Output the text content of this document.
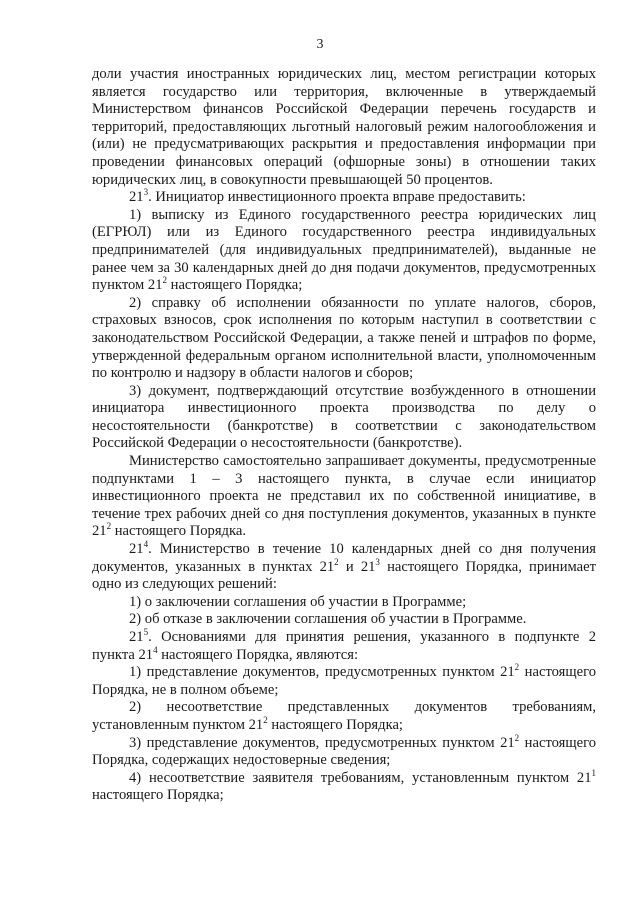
3

доли участия иностранных юридических лиц, местом регистрации которых является государство или территория, включенные в утверждаемый Министерством финансов Российской Федерации перечень государств и территорий, предоставляющих льготный налоговый режим налогообложения и (или) не предусматривающих раскрытия и предоставления информации при проведении финансовых операций (офшорные зоны) в отношении таких юридических лиц, в совокупности превышающей 50 процентов.

$21^3$. Инициатор инвестиционного проекта вправе предоставить:

1) выписку из Единого государственного реестра юридических лиц (ЕГРЮЛ) или из Единого государственного реестра индивидуальных предпринимателей (для индивидуальных предпринимателей), выданные не ранее чем за 30 календарных дней до дня подачи документов, предусмотренных пунктом $21^2$ настоящего Порядка;

2) справку об исполнении обязанности по уплате налогов, сборов, страховых взносов, срок исполнения по которым наступил в соответствии с законодательством Российской Федерации, а также пеней и штрафов по форме, утвержденной федеральным органом исполнительной власти, уполномоченным по контролю и надзору в области налогов и сборов;

3) документ, подтверждающий отсутствие возбужденного в отношении инициатора инвестиционного проекта производства по делу о несостоятельности (банкротстве) в соответствии с законодательством Российской Федерации о несостоятельности (банкротстве).

Министерство самостоятельно запрашивает документы, предусмотренные подпунктами 1 – 3 настоящего пункта, в случае если инициатор инвестиционного проекта не представил их по собственной инициативе, в течение трех рабочих дней со дня поступления документов, указанных в пункте $21^2$ настоящего Порядка.

$21^4$. Министерство в течение 10 календарных дней со дня получения документов, указанных в пунктах $21^2$ и $21^3$ настоящего Порядка, принимает одно из следующих решений:

1) о заключении соглашения об участии в Программе;

2) об отказе в заключении соглашения об участии в Программе.

$21^5$. Основаниями для принятия решения, указанного в подпункте 2 пункта $21^4$ настоящего Порядка, являются:

1) представление документов, предусмотренных пунктом $21^2$ настоящего Порядка, не в полном объеме;

2) несоответствие представленных документов требованиям, установленным пунктом $21^2$ настоящего Порядка;

3) представление документов, предусмотренных пунктом $21^2$ настоящего Порядка, содержащих недостоверные сведения;

4) несоответствие заявителя требованиям, установленным пунктом $21^1$ настоящего Порядка;
